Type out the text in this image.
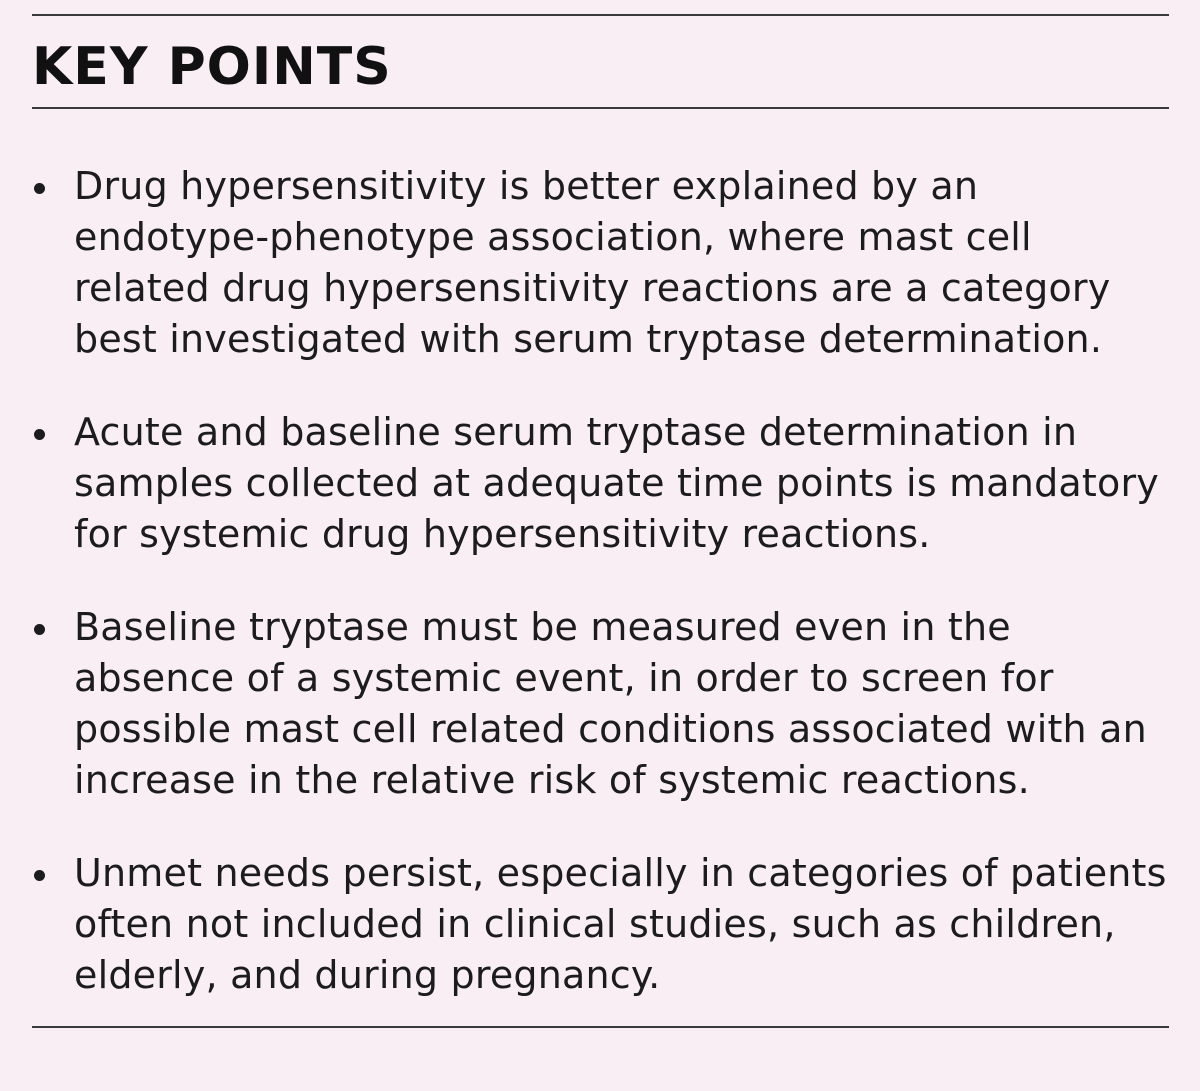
KEY POINTS
Drug hypersensitivity is better explained by an endotype-phenotype association, where mast cell related drug hypersensitivity reactions are a category best investigated with serum tryptase determination.
Acute and baseline serum tryptase determination in samples collected at adequate time points is mandatory for systemic drug hypersensitivity reactions.
Baseline tryptase must be measured even in the absence of a systemic event, in order to screen for possible mast cell related conditions associated with an increase in the relative risk of systemic reactions.
Unmet needs persist, especially in categories of patients often not included in clinical studies, such as children, elderly, and during pregnancy.
